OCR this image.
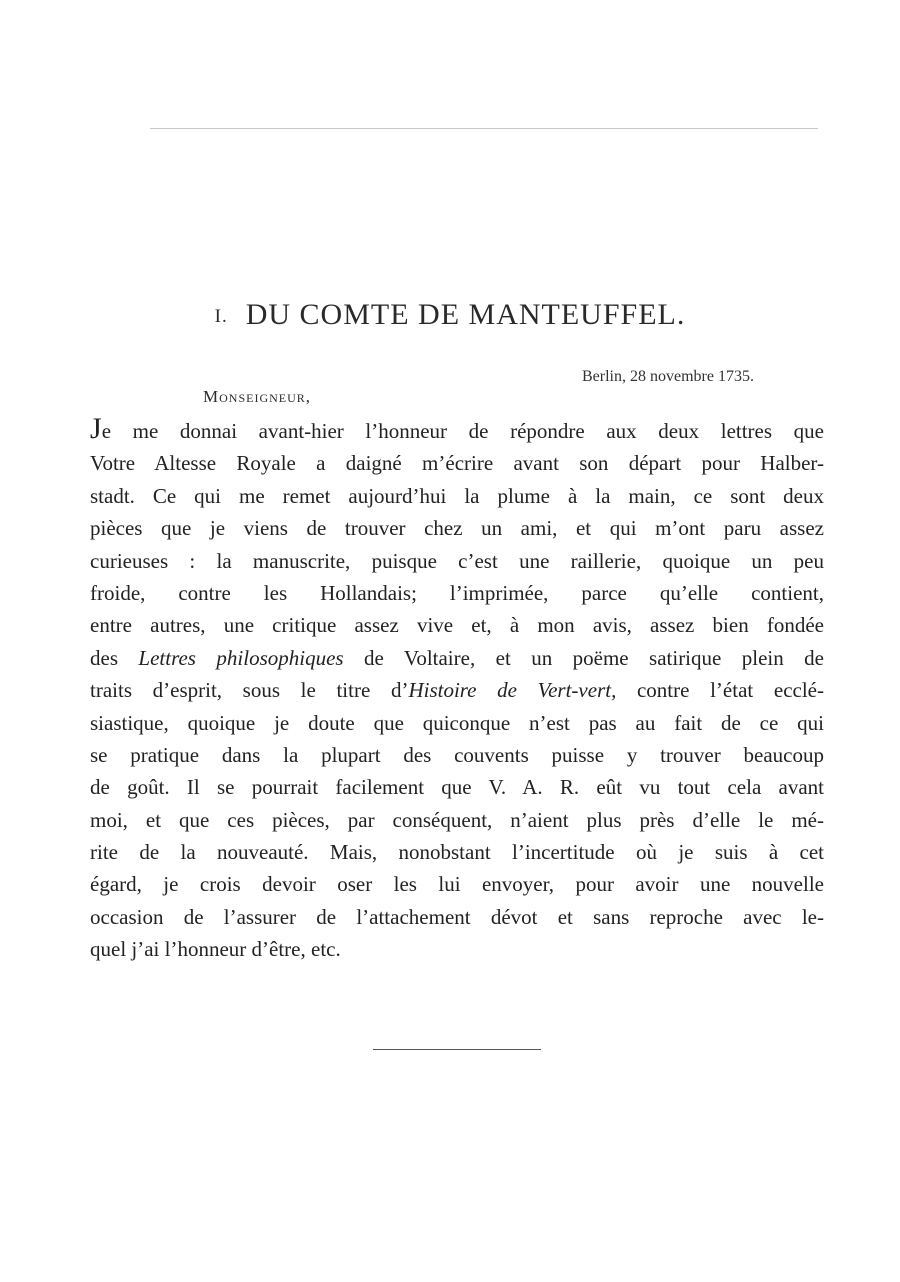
I. DU COMTE DE MANTEUFFEL.
Berlin, 28 novembre 1735.
Monseigneur,
Je me donnai avant-hier l’honneur de répondre aux deux lettres que
Votre Altesse Royale a daigné m’écrire avant son départ pour Halber-
stadt. Ce qui me remet aujourd’hui la plume à la main, ce sont deux
pièces que je viens de trouver chez un ami, et qui m’ont paru assez
curieuses : la manuscrite, puisque c’est une raillerie, quoique un peu
froide, contre les Hollandais; l’imprimée, parce qu’elle contient,
entre autres, une critique assez vive et, à mon avis, assez bien fondée
des Lettres philosophiques de Voltaire, et un poëme satirique plein de
traits d’esprit, sous le titre d’Histoire de Vert-vert, contre l’état ecclé-
siastique, quoique je doute que quiconque n’est pas au fait de ce qui
se pratique dans la plupart des couvents puisse y trouver beaucoup
de goût. Il se pourrait facilement que V. A. R. eût vu tout cela avant
moi, et que ces pièces, par conséquent, n’aient plus près d’elle le mé-
rite de la nouveauté. Mais, nonobstant l’incertitude où je suis à cet
égard, je crois devoir oser les lui envoyer, pour avoir une nouvelle
occasion de l’assurer de l’attachement dévot et sans reproche avec le-
quel j’ai l’honneur d’être, etc.
